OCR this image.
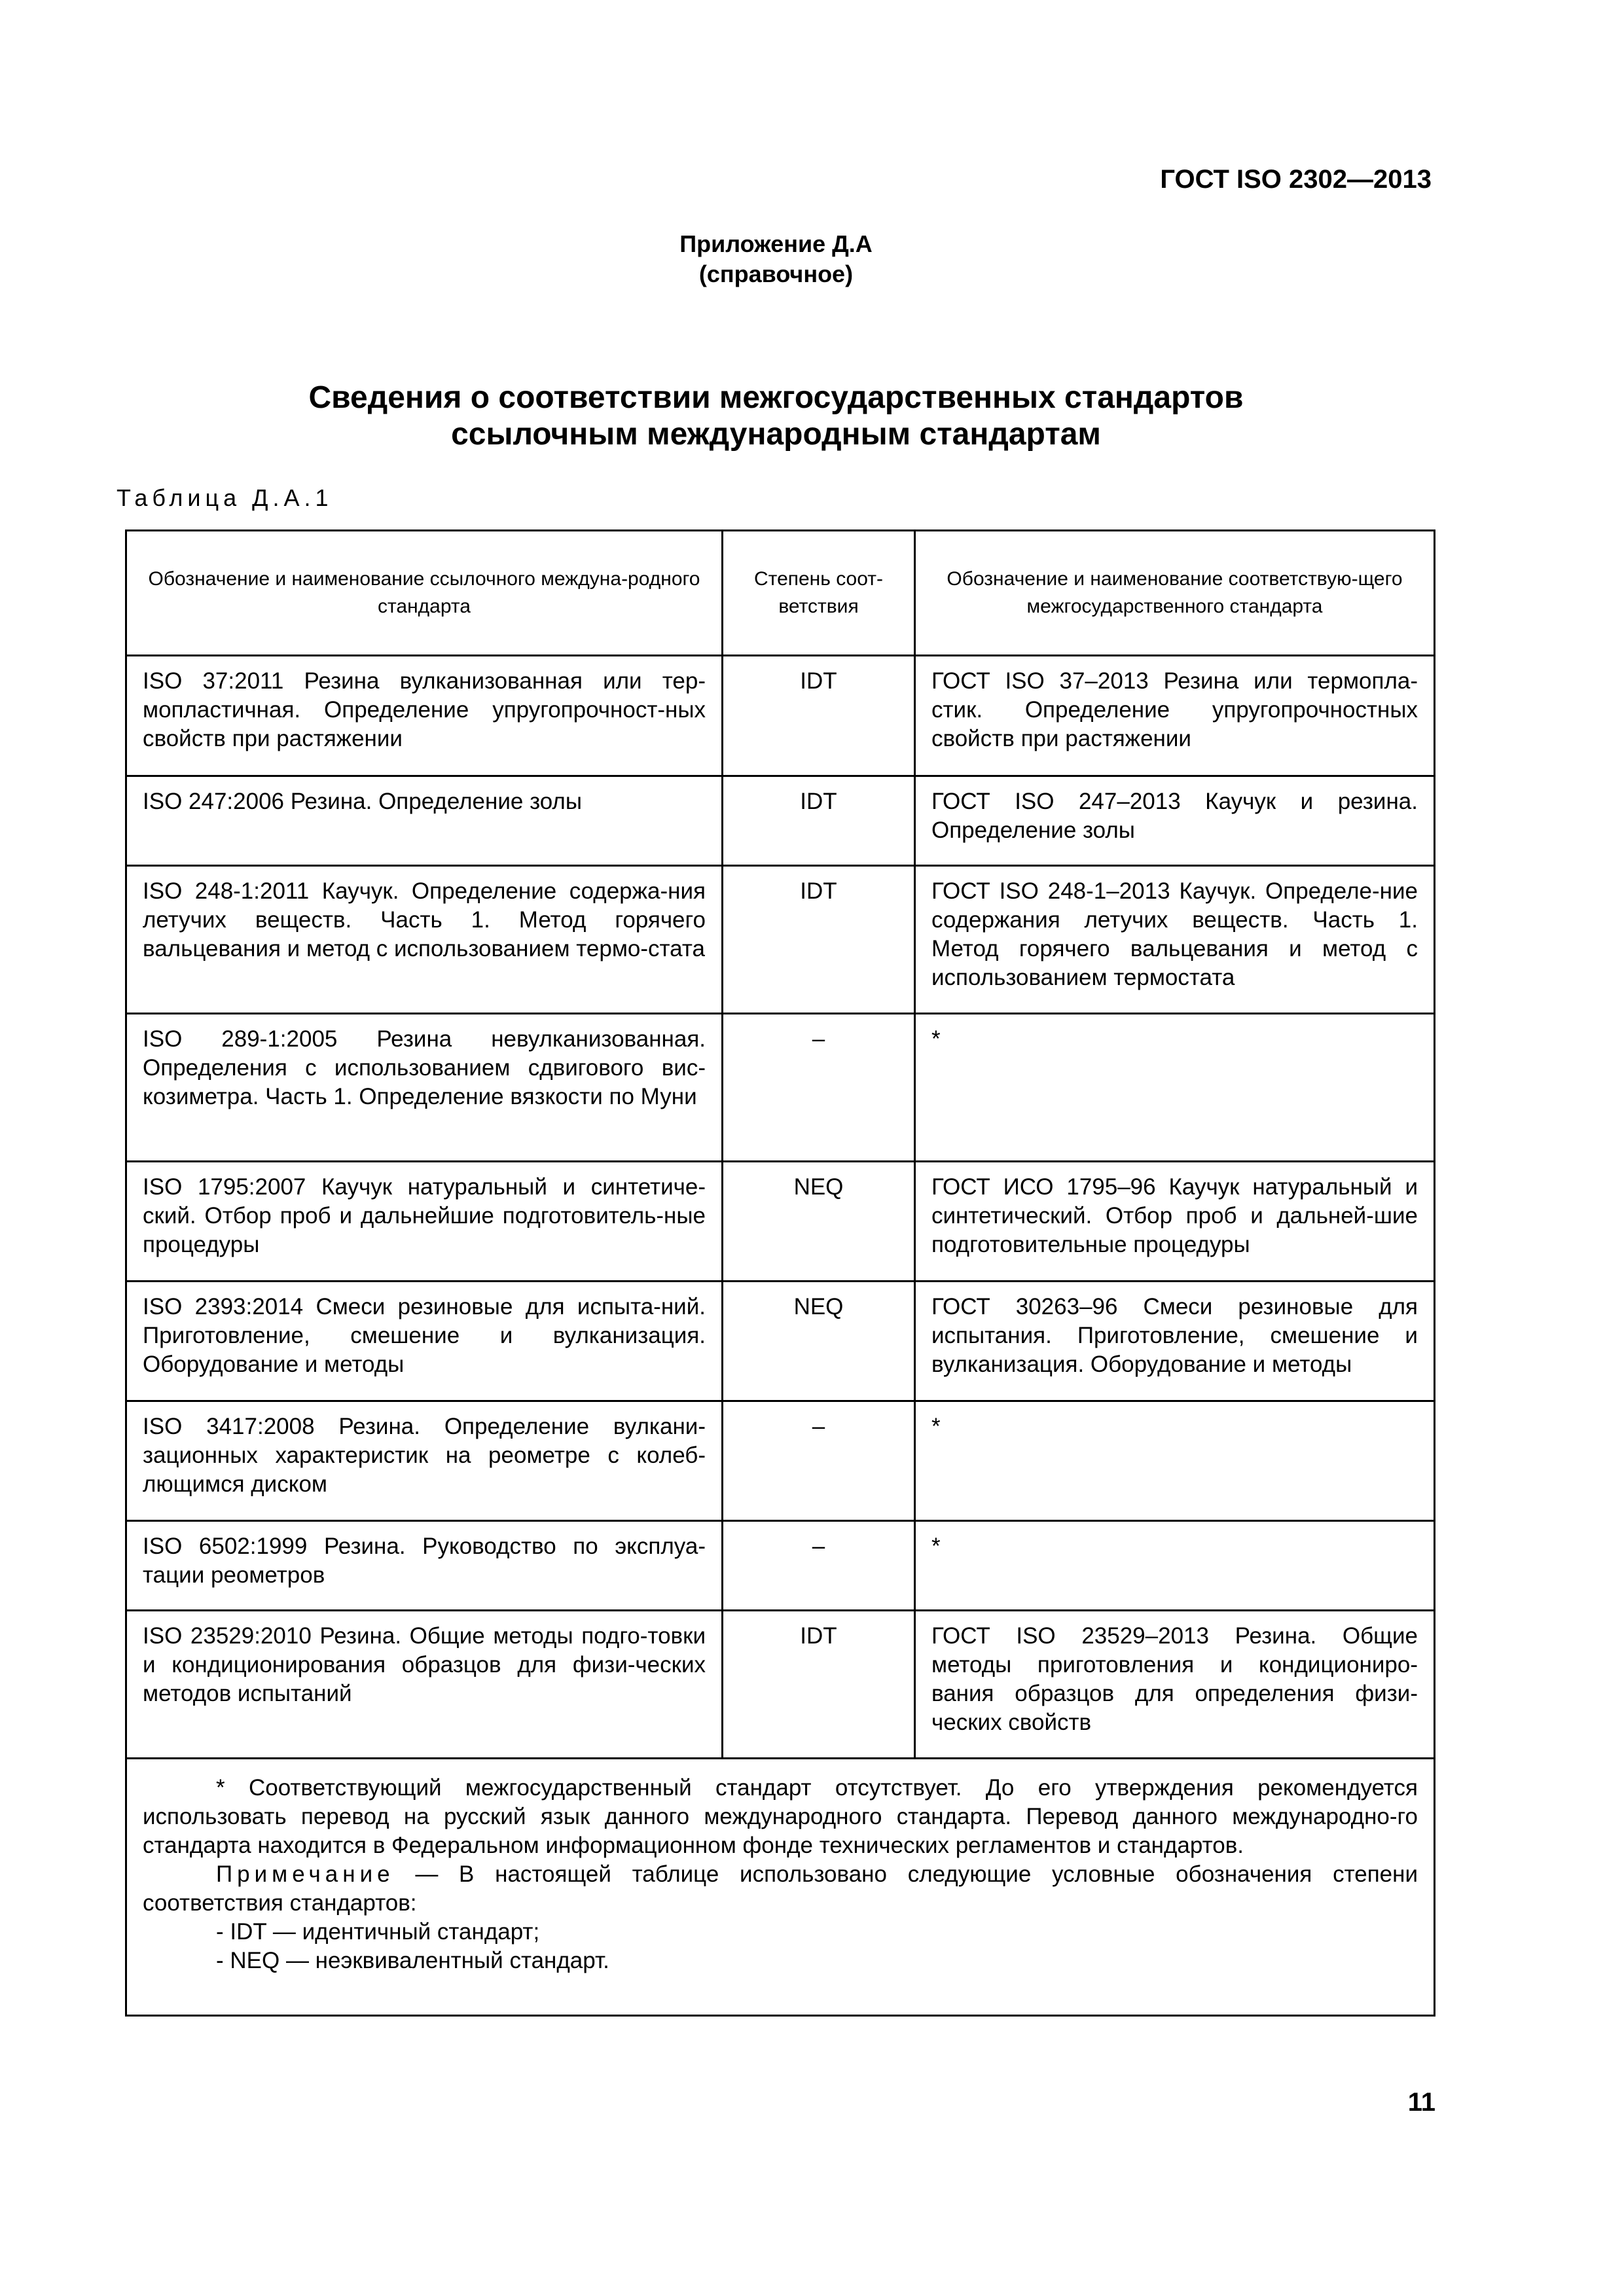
ГОСТ ISO 2302—2013
Приложение Д.А
(справочное)
Сведения о соответствии межгосударственных стандартов
ссылочным международным стандартам
Таблица Д.А.1
Обозначение и наименование ссылочного междуна-родного стандарта	Степень соот-ветствия	Обозначение и наименование соответствую-щего межгосударственного стандарта
ISO 37:2011 Резина вулканизованная или тер-мопластичная. Определение упругопрочност-ных свойств при растяжении	IDT	ГОСТ ISO 37–2013 Резина или термопла-стик. Определение упругопрочностных свойств при растяжении
ISO 247:2006 Резина. Определение золы	IDT	ГОСТ ISO 247–2013 Каучук и резина. Определение золы
ISO 248-1:2011 Каучук. Определение содержа-ния летучих веществ. Часть 1. Метод горячего вальцевания и метод с использованием термо-стата	IDT	ГОСТ ISO 248-1–2013 Каучук. Определе-ние содержания летучих веществ. Часть 1. Метод горячего вальцевания и метод с использованием термостата
ISO 289-1:2005 Резина невулканизованная. Определения с использованием сдвигового вис-козиметра. Часть 1. Определение вязкости по Муни	–	*
ISO 1795:2007 Каучук натуральный и синтетиче-ский. Отбор проб и дальнейшие подготовитель-ные процедуры	NEQ	ГОСТ ИСО 1795–96 Каучук натуральный и синтетический. Отбор проб и дальней-шие подготовительные процедуры
ISO 2393:2014 Смеси резиновые для испыта-ний. Приготовление, смешение и вулканизация. Оборудование и методы	NEQ	ГОСТ 30263–96 Смеси резиновые для испытания. Приготовление, смешение и вулканизация. Оборудование и методы
ISO 3417:2008 Резина. Определение вулкани-зационных характеристик на реометре с колеб-лющимся диском	–	*
ISO 6502:1999 Резина. Руководство по эксплуа-тации реометров	–	*
ISO 23529:2010 Резина. Общие методы подго-товки и кондиционирования образцов для физи-ческих методов испытаний	IDT	ГОСТ ISO 23529–2013 Резина. Общие методы приготовления и кондициониро-вания образцов для определения физи-ческих свойств

* Соответствующий межгосударственный стандарт отсутствует. До его утверждения рекомендуется использовать перевод на русский язык данного международного стандарта. Перевод данного международно-го стандарта находится в Федеральном информационном фонде технических регламентов и стандартов.

Примечание — В настоящей таблице использовано следующие условные обозначения степени соответствия стандартов:

- IDT — идентичный стандарт;

- NEQ — неэквивалентный стандарт.		

11
